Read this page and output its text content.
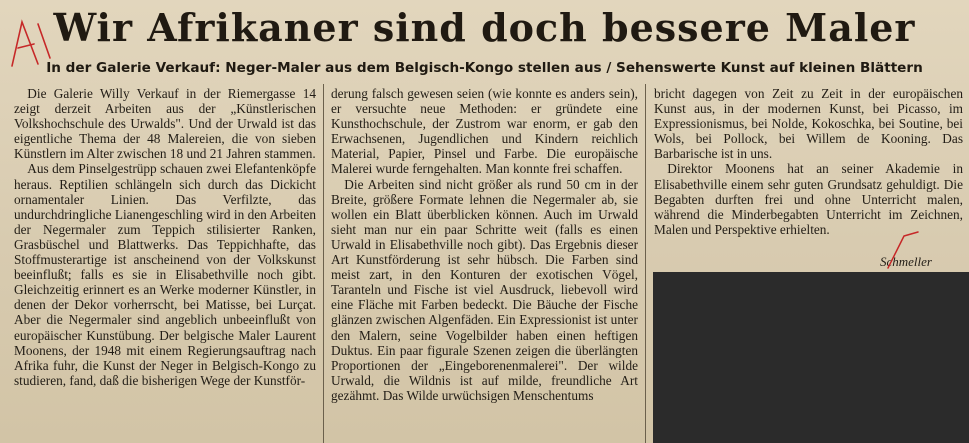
Wir Afrikaner sind doch bessere Maler
In der Galerie Verkauf: Neger-Maler aus dem Belgisch-Kongo stellen aus / Sehenswerte Kunst auf kleinen Blättern

Die Galerie Willy Verkauf in der Riemergasse 14 zeigt derzeit Arbeiten aus der „Künstlerischen Volkshochschule des Urwalds". Und der Urwald ist das eigentliche Thema der 48 Malereien, die von sieben Künstlern im Alter zwischen 18 und 21 Jahren stammen.

Aus dem Pinselgestrüpp schauen zwei Elefantenköpfe heraus. Reptilien schlängeln sich durch das Dickicht ornamentaler Linien. Das Verfilzte, das undurchdringliche Lianengeschling wird in den Arbeiten der Negermaler zum Teppich stilisierter Ranken, Grasbüschel und Blattwerks. Das Teppichhafte, das Stoffmusterartige ist anscheinend von der Volkskunst beeinflußt; falls es sie in Elisabethville noch gibt. Gleichzeitig erinnert es an Werke moderner Künstler, in denen der Dekor vorherrscht, bei Matisse, bei Lurçat. Aber die Negermaler sind angeblich unbeeinflußt von europäischer Kunstübung. Der belgische Maler Laurent Moonens, der 1948 mit einem Regierungsauftrag nach Afrika fuhr, die Kunst der Neger in Belgisch-Kongo zu studieren, fand, daß die bisherigen Wege der Kunstför-

derung falsch gewesen seien (wie konnte es anders sein), er versuchte neue Methoden: er gründete eine Kunsthochschule, der Zustrom war enorm, er gab den Erwachsenen, Jugendlichen und Kindern reichlich Material, Papier, Pinsel und Farbe. Die europäische Malerei wurde ferngehalten. Man konnte frei schaffen.

Die Arbeiten sind nicht größer als rund 50 cm in der Breite, größere Formate lehnen die Negermaler ab, sie wollen ein Blatt überblicken können. Auch im Urwald sieht man nur ein paar Schritte weit (falls es einen Urwald in Elisabethville noch gibt). Das Ergebnis dieser Art Kunstförderung ist sehr hübsch. Die Farben sind meist zart, in den Konturen der exotischen Vögel, Taranteln und Fische ist viel Ausdruck, liebevoll wird eine Fläche mit Farben bedeckt. Die Bäuche der Fische glänzen zwischen Algenfäden. Ein Expressionist ist unter den Malern, seine Vogelbilder haben einen heftigen Duktus. Ein paar figurale Szenen zeigen die überlängten Proportionen der „Eingeborenenmalerei". Der wilde Urwald, die Wildnis ist auf milde, freundliche Art gezähmt. Das Wilde urwüchsigen Menschentums

bricht dagegen von Zeit zu Zeit in der europäischen Kunst aus, in der modernen Kunst, bei Picasso, im Expressionismus, bei Nolde, Kokoschka, bei Soutine, bei Wols, bei Pollock, bei Willem de Kooning. Das Barbarische ist in uns.

Direktor Moonens hat an seiner Akademie in Elisabethville einem sehr guten Grundsatz gehuldigt. Die Begabten durften frei und ohne Unterricht malen, während die Minderbegabten Unterricht im Zeichnen, Malen und Perspektive erhielten.

Schmeller
